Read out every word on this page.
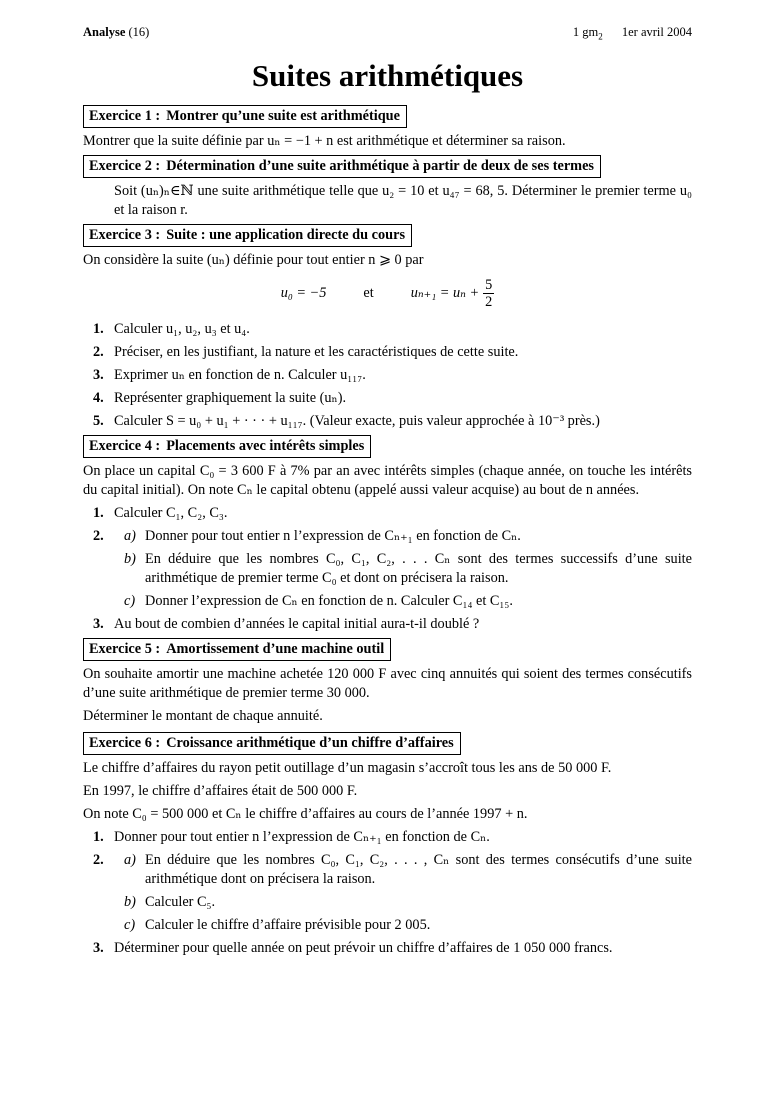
Analyse (16)	1 $gm_2$ 1er avril 2004
Suites arithmétiques
Exercice 1 : Montrer qu’une suite est arithmétique

Montrer que la suite définie par uₙ = −1 + n est arithmétique et déterminer sa raison.

Exercice 2 : Détermination d’une suite arithmétique à partir de deux de ses termes

Soit (uₙ)ₙ∈ℕ une suite arithmétique telle que u₂ = 10 et u₄₇ = 68, 5. Déterminer le premier terme u₀ et la raison r.

Exercice 3 : Suite : une application directe du cours

On considère la suite (uₙ) définie pour tout entier n ⩾ 0 par

u₀ = −5	et	$u_{n+1} = u_n + \frac{5}{2}$
1. Calculer u₁, u₂, u₃ et u₄.
2. Préciser, en les justifiant, la nature et les caractéristiques de cette suite.
3. Exprimer uₙ en fonction de n. Calculer u₁₁₇.
4. Représenter graphiquement la suite (uₙ).
5. Calculer S = u₀ + u₁ + · · · + u₁₁₇. (Valeur exacte, puis valeur approchée à 10⁻³ près.)
Exercice 4 : Placements avec intérêts simples

On place un capital C₀ = 3 600 F à 7% par an avec intérêts simples (chaque année, on touche les intérêts du capital initial). On note Cₙ le capital obtenu (appelé aussi valeur acquise) au bout de n années.

1. Calculer C₁, C₂, C₃.
2. a) Donner pour tout entier n l’expression de Cₙ₊₁ en fonction de Cₙ.
b) En déduire que les nombres C₀, C₁, C₂, . . . Cₙ sont des termes successifs d’une suite arithmétique de premier terme C₀ et dont on précisera la raison.
c) Donner l’expression de Cₙ en fonction de n. Calculer C₁₄ et C₁₅.
3. Au bout de combien d’années le capital initial aura-t-il doublé ?
Exercice 5 : Amortissement d’une machine outil

On souhaite amortir une machine achetée 120 000 F avec cinq annuités qui soient des termes consécutifs d’une suite arithmétique de premier terme 30 000.

Déterminer le montant de chaque annuité.

Exercice 6 : Croissance arithmétique d’un chiffre d’affaires

Le chiffre d’affaires du rayon petit outillage d’un magasin s’accroît tous les ans de 50 000 F.

En 1997, le chiffre d’affaires était de 500 000 F.

On note C₀ = 500 000 et Cₙ le chiffre d’affaires au cours de l’année 1997 + n.

1. Donner pour tout entier n l’expression de Cₙ₊₁ en fonction de Cₙ.
2. a) En déduire que les nombres C₀, C₁, C₂, . . . , Cₙ sont des termes consécutifs d’une suite arithmétique dont on précisera la raison.
b) Calculer C₅.
c) Calculer le chiffre d’affaire prévisible pour 2 005.
3. Déterminer pour quelle année on peut prévoir un chiffre d’affaires de 1 050 000 francs.
